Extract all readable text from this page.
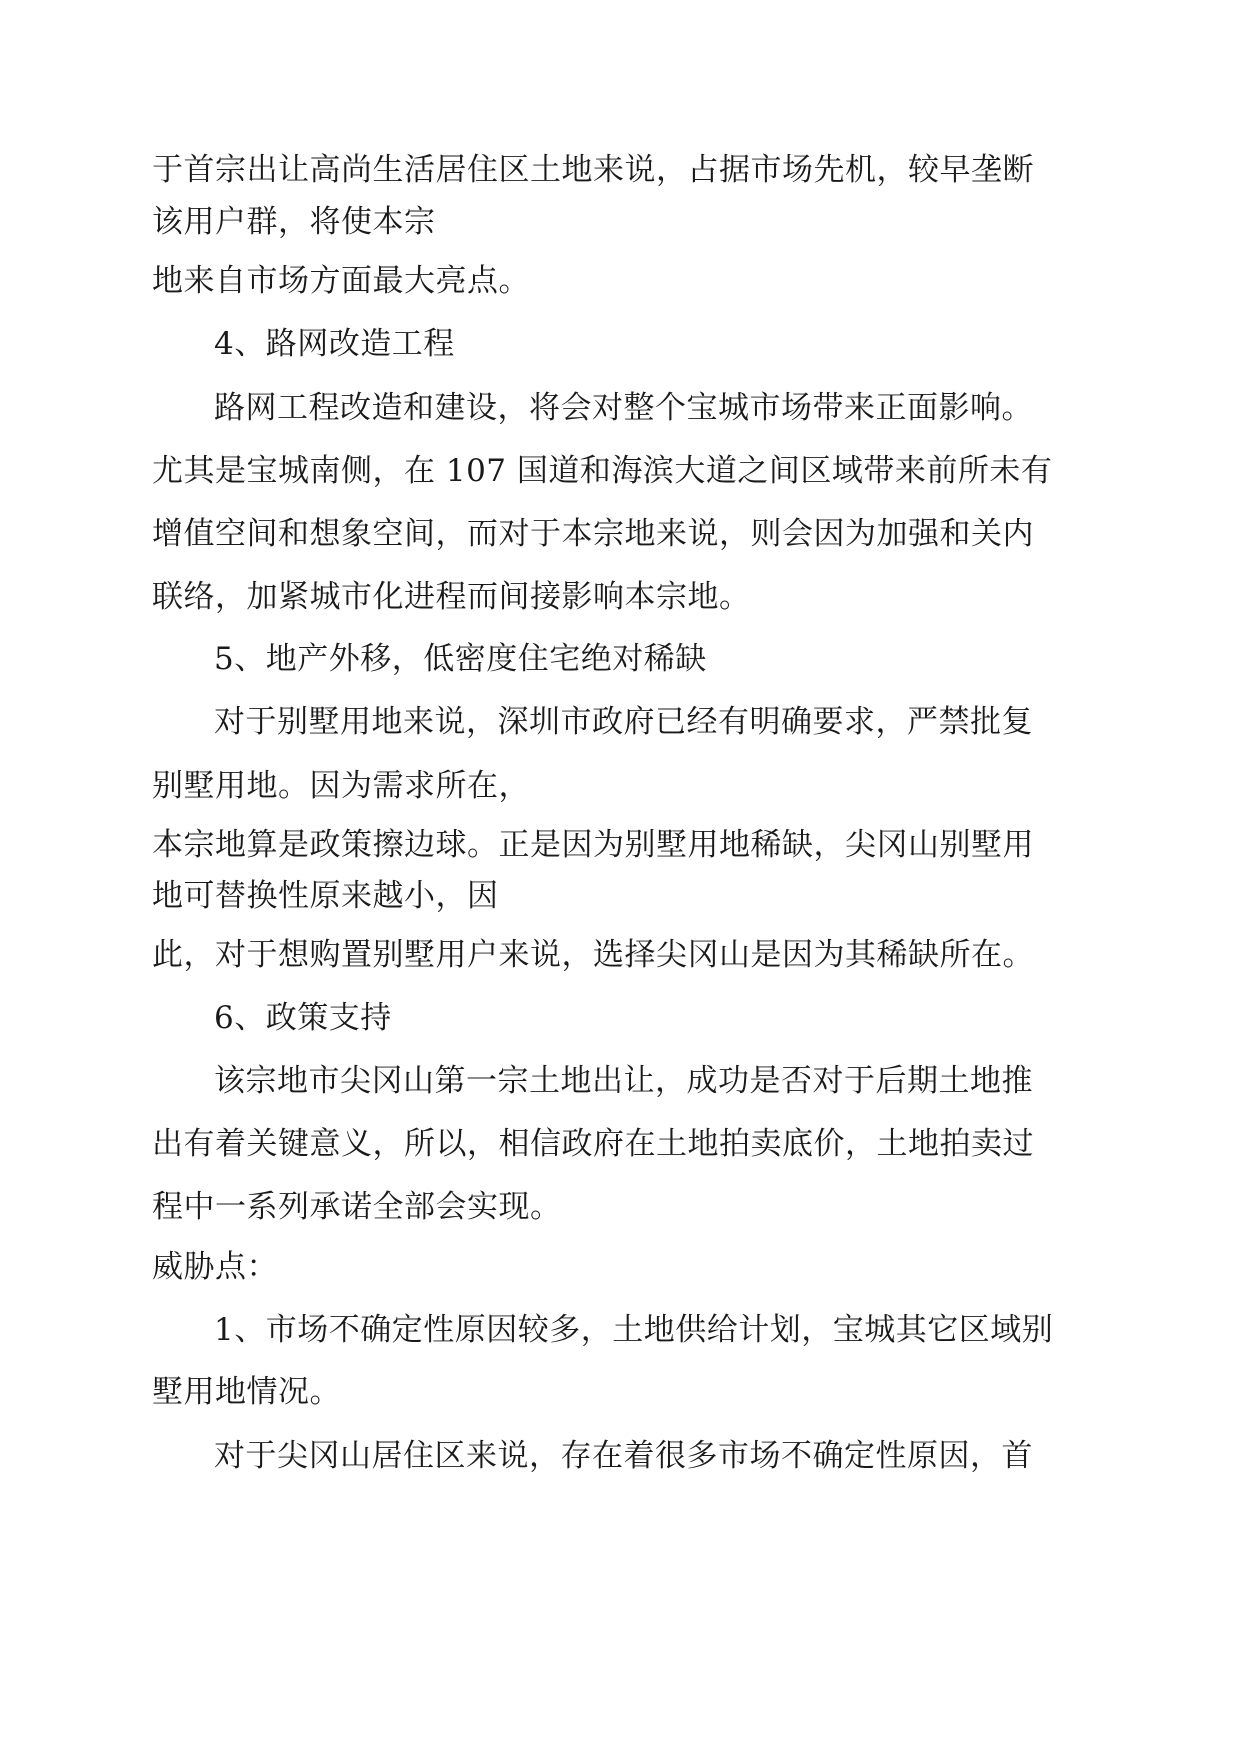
于首宗出让高尚生活居住区土地来说，占据市场先机，较早垄断

该用户群，将使本宗

地来自市场方面最大亮点。

4、路网改造工程

路网工程改造和建设，将会对整个宝城市场带来正面影响。

尤其是宝城南侧，在 107 国道和海滨大道之间区域带来前所未有

增值空间和想象空间，而对于本宗地来说，则会因为加强和关内

联络，加紧城市化进程而间接影响本宗地。

5、地产外移，低密度住宅绝对稀缺

对于别墅用地来说，深圳市政府已经有明确要求，严禁批复

别墅用地。因为需求所在，

本宗地算是政策擦边球。正是因为别墅用地稀缺，尖冈山别墅用

地可替换性原来越小，因

此，对于想购置别墅用户来说，选择尖冈山是因为其稀缺所在。

6、政策支持

该宗地市尖冈山第一宗土地出让，成功是否对于后期土地推

出有着关键意义，所以，相信政府在土地拍卖底价，土地拍卖过

程中一系列承诺全部会实现。

威胁点：

1、市场不确定性原因较多，土地供给计划，宝城其它区域别

墅用地情况。

对于尖冈山居住区来说，存在着很多市场不确定性原因，首
